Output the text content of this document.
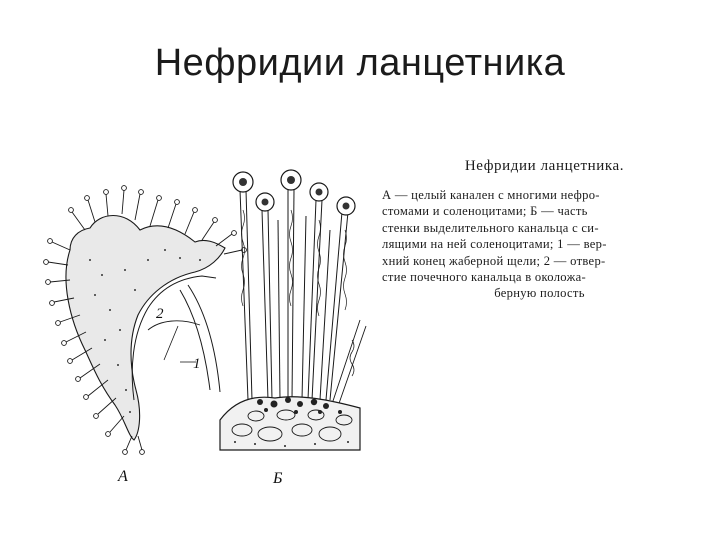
Нефридии ланцетника
2
1
А	Б
Нефридии ланцетника.
А — целый канален с многими нефро-
стомами и соленоцитами; Б — часть
стенки выделительного канальца с си-
лящими на ней соленоцитами; 1 — вер-
хний конец жаберной щели; 2 — отвер-
стие почечного канальца в околожа-
берную полость
